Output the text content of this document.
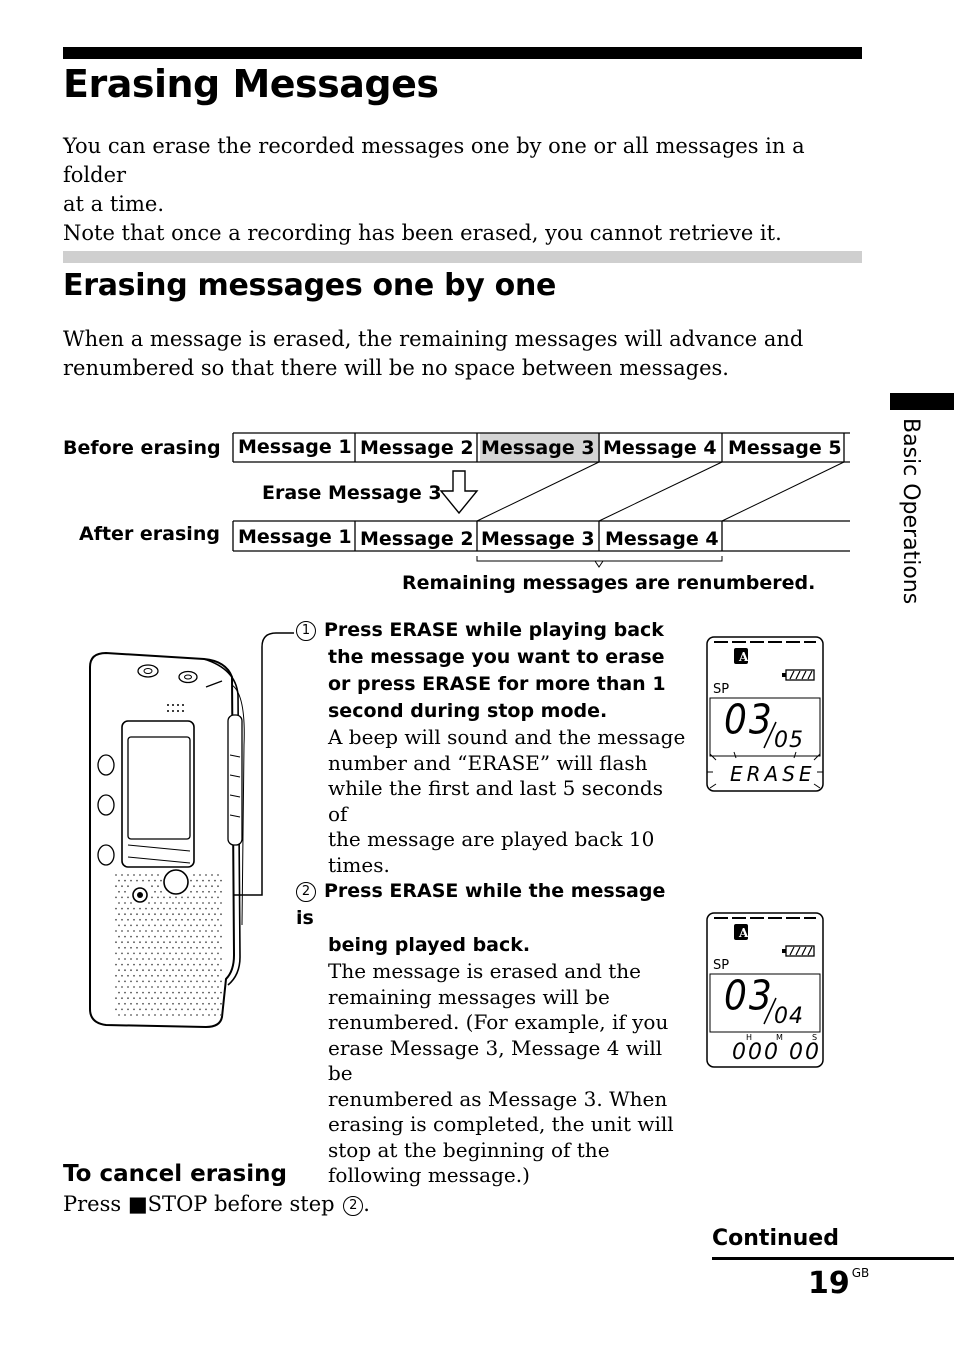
Erasing Messages
You can erase the recorded messages one by one or all messages in a folder
at a time.
Note that once a recording has been erased, you cannot retrieve it.
Erasing messages one by one
When a message is erased, the remaining messages will advance and
renumbered so that there will be no space between messages.
Basic Operations
Before erasing
After erasing
Erase Message 3
Message 1 Message 2 Message 3 Message 4 Message 5
Message 1 Message 2 Message 3 Message 4
Remaining messages are renumbered.
1 Press ERASE while playing back
the message you want to erase
or press ERASE for more than 1
second during stop mode.
A beep will sound and the message
number and “ERASE” will flash
while the first and last 5 seconds of
the message are played back 10
times.
2 Press ERASE while the message is
being played back.
The message is erased and the
remaining messages will be
renumbered. (For example, if you
erase Message 3, Message 4 will be
renumbered as Message 3. When
erasing is completed, the unit will
stop at the beginning of the
following message.)
A
SP
03 05
ERASE
A
SP
03 04
H	M	S
000 00
To cancel erasing
Press ■STOP before step 2 .
Continued
19 $^{GB}$
